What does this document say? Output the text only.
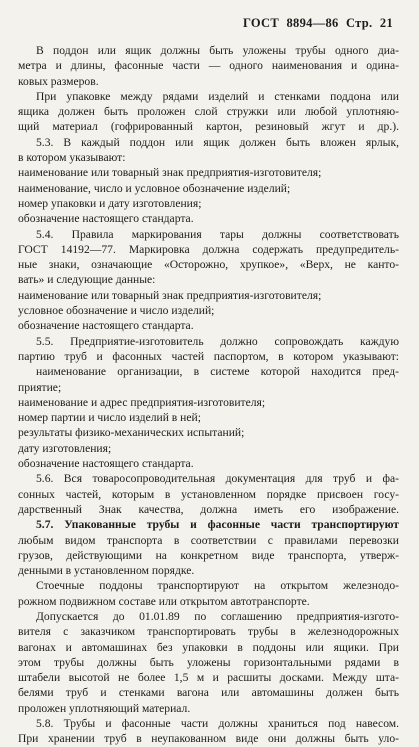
ГОСТ 8894—86 Стр. 21
В поддон или ящик должны быть уложены трубы одного диа-
метра и длины, фасонные части — одного наименования и одина-
ковых размеров.
При упаковке между рядами изделий и стенками поддона или
ящика должен быть проложен слой стружки или любой уплотняю-
щий материал (гофрированный картон, резиновый жгут и др.).
5.3. В каждый поддон или ящик должен быть вложен ярлык,
в котором указывают:
наименование или товарный знак предприятия-изготовителя;
наименование, число и условное обозначение изделий;
номер упаковки и дату изготовления;
обозначение настоящего стандарта.
5.4. Правила маркирования тары должны соответствовать
ГОСТ 14192—77. Маркировка должна содержать предупредитель-
ные знаки, означающие «Осторожно, хрупкое», «Верх, не канто-
вать» и следующие данные:
наименование или товарный знак предприятия-изготовителя;
условное обозначение и число изделий;
обозначение настоящего стандарта.
5.5. Предприятие-изготовитель должно сопровождать каждую
партию труб и фасонных частей паспортом, в котором указывают:
наименование организации, в системе которой находится пред-
приятие;
наименование и адрес предприятия-изготовителя;
номер партии и число изделий в ней;
результаты физико-механических испытаний;
дату изготовления;
обозначение настоящего стандарта.
5.6. Вся товаросопроводительная документация для труб и фа-
сонных частей, которым в установленном порядке присвоен госу-
дарственный Знак качества, должна иметь его изображение.
5.7. Упакованные трубы и фасонные части транспортируют
любым видом транспорта в соответствии с правилами перевозки
грузов, действующими на конкретном виде транспорта, утверж-
денными в установленном порядке.
Стоечные поддоны транспортируют на открытом железнодо-
рожном подвижном составе или открытом автотранспорте.
Допускается до 01.01.89 по соглашению предприятия-изгото-
вителя с заказчиком транспортировать трубы в железнодорожных
вагонах и автомашинах без упаковки в поддоны или ящики. При
этом трубы должны быть уложены горизонтальными рядами в
штабели высотой не более 1,5 м и расшиты досками. Между шта-
белями труб и стенками вагона или автомашины должен быть
проложен уплотняющий материал.
5.8. Трубы и фасонные части должны храниться под навесом.
При хранении труб в неупакованном виде они должны быть уло-
